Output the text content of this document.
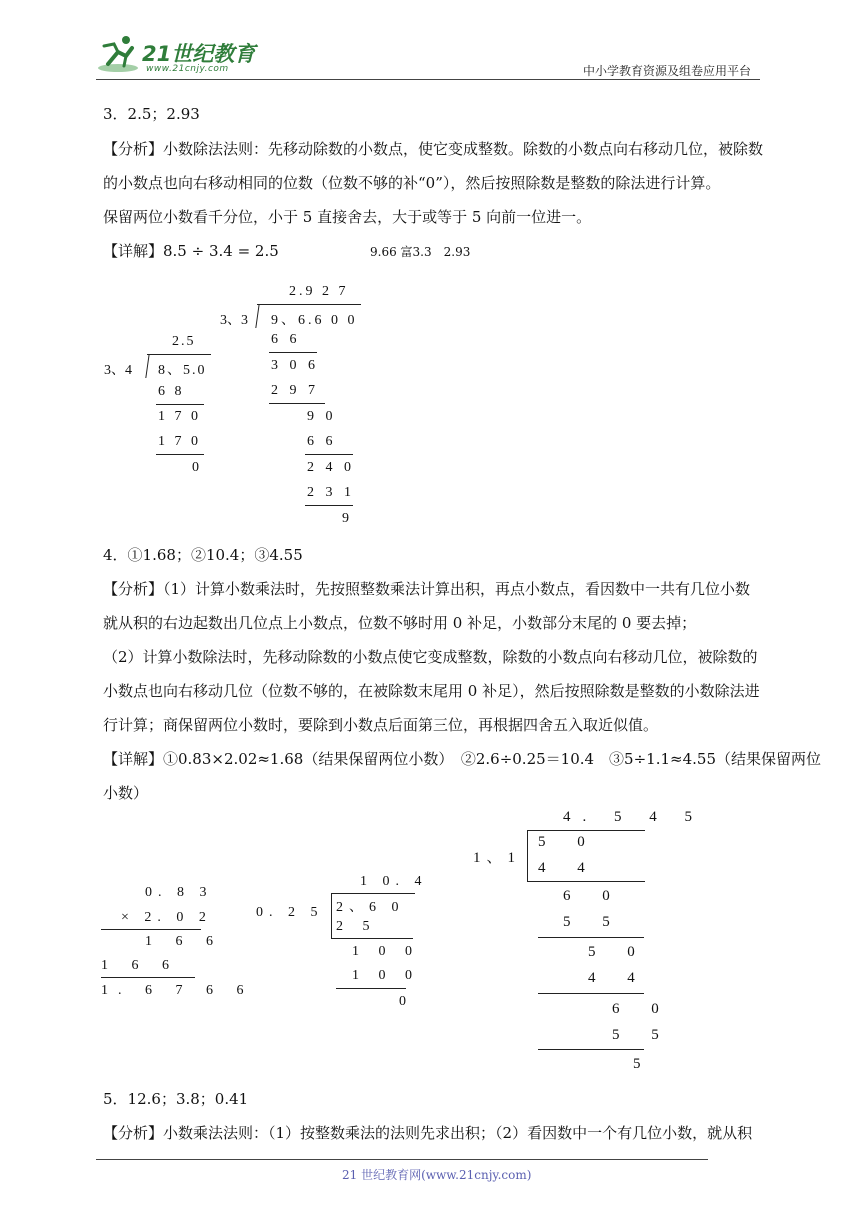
21世纪教育
www.21cnjy.com	中小学教育资源及组卷应用平台
3．2.5；2.93
【分析】小数除法法则：先移动除数的小数点，使它变成整数。除数的小数点向右移动几位，被除数
的小数点也向右移动相同的位数（位数不够的补“0”），然后按照除数是整数的除法进行计算。
保留两位小数看千分位，小于 5 直接舍去，大于或等于 5 向前一位进一。
【详解】8.5 ÷ 3.4 = 2.5	9.66 富3.3　2.93
2.5
3、4 8、5.0
6 8
1 7 0
1 7 0
0
2.9 2 7
3、3 9、6.6 0 0
6 6
3 0 6
2 9 7
9 0
6 6
2 4 0
2 3 1
9
4．①1.68；②10.4；③4.55
【分析】（1）计算小数乘法时，先按照整数乘法计算出积，再点小数点，看因数中一共有几位小数
就从积的右边起数出几位点上小数点，位数不够时用 0 补足，小数部分末尾的 0 要去掉；
（2）计算小数除法时，先移动除数的小数点使它变成整数，除数的小数点向右移动几位，被除数的
小数点也向右移动几位（位数不够的，在被除数末尾用 0 补足），然后按照除数是整数的小数除法进
行计算；商保留两位小数时，要除到小数点后面第三位，再根据四舍五入取近似值。
【详解】①0.83×2.02≈1.68（结果保留两位小数）　②2.6÷0.25＝10.4　③5÷1.1≈4.55（结果保留两位
小数）
0. 8 3
× 2. 0 2
1 6 6
1 6 6
1. 6 7 6 6
1 0. 4
0. 2 5 2、6 0
2 5
1 0 0
1 0 0
0
4. 5 4 5
1、1
5 0
4 4
6 0
5 5
5 0
4 4
6 0
5 5
5
5．12.6；3.8；0.41
【分析】小数乘法法则：（1）按整数乘法的法则先求出积；（2）看因数中一个有几位小数，就从积
21 世纪教育网(www.21cnjy.com)
